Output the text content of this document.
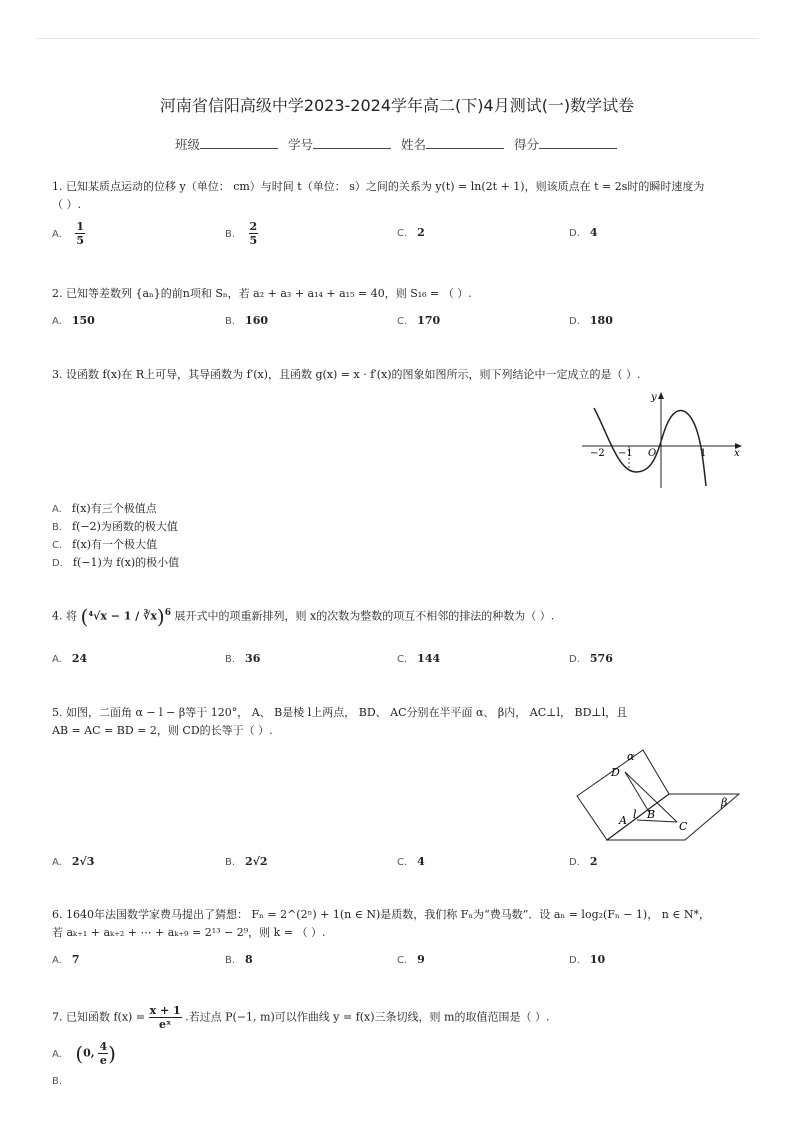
河南省信阳高级中学2023-2024学年高二(下)4月测试(一)数学试卷
班级	学号	姓名	得分
1. 已知某质点运动的位移 y（单位： cm）与时间 t（单位： s）之间的关系为 y(t) = ln(2t + 1)，则该质点在 t = 2s时的瞬时速度为
（ ）.
A. $\frac{1}{5}$	B. $\frac{2}{5}$	C. 2	D. 4
2. 已知等差数列 {aₙ}的前n项和 Sₙ，若 a₂ + a₃ + a₁₄ + a₁₅ = 40，则 S₁₆ = （ ）.
A. 150	B. 160	C. 170	D. 180
3. 设函数 f(x)在 R上可导，其导函数为 f′(x)，且函数 g(x) = x · f′(x)的图象如图所示，则下列结论中一定成立的是（ ）.
y
x
−2 −1 O	1
A. f(x)有三个极值点
B. f(−2)为函数的极大值
C. f(x)有一个极大值
D. f(−1)为 f(x)的极小值
4. 将 (⁴√x − 1 / ∛x)$^6$ 展开式中的项重新排列，则 x的次数为整数的项互不相邻的排法的种数为（ ）.
A. 24	B. 36	C. 144	D. 576
5. 如图，二面角 α − l − β等于 120°， A、 B是棱 l上两点， BD、 AC分别在半平面 α、 β内， AC⊥l， BD⊥l，且
AB = AC = BD = 2，则 CD的长等于（ ）.
α
D
β
l
A B
C
A. 2√3	B. 2√2	C. 4	D. 2
6. 1640年法国数学家费马提出了猜想： Fₙ = 2^(2ⁿ) + 1(n ∈ N)是质数，我们称 Fₙ为“费马数”．设 aₙ = log₂(Fₙ − 1)， n ∈ N*，
若 aₖ₊₁ + aₖ₊₂ + ⋯ + aₖ₊₉ = 2¹³ − 2⁹，则 k = （ ）.
A. 7	B. 8	C. 9	D. 10
7. 已知函数 $f(x) = \frac{x + 1}{\text{eˣ}}$ .若过点 P(−1, m)可以作曲线 y = f(x)三条切线，则 m的取值范围是（ ）.
A. (0, $\frac{4}{e}$ )
B.
